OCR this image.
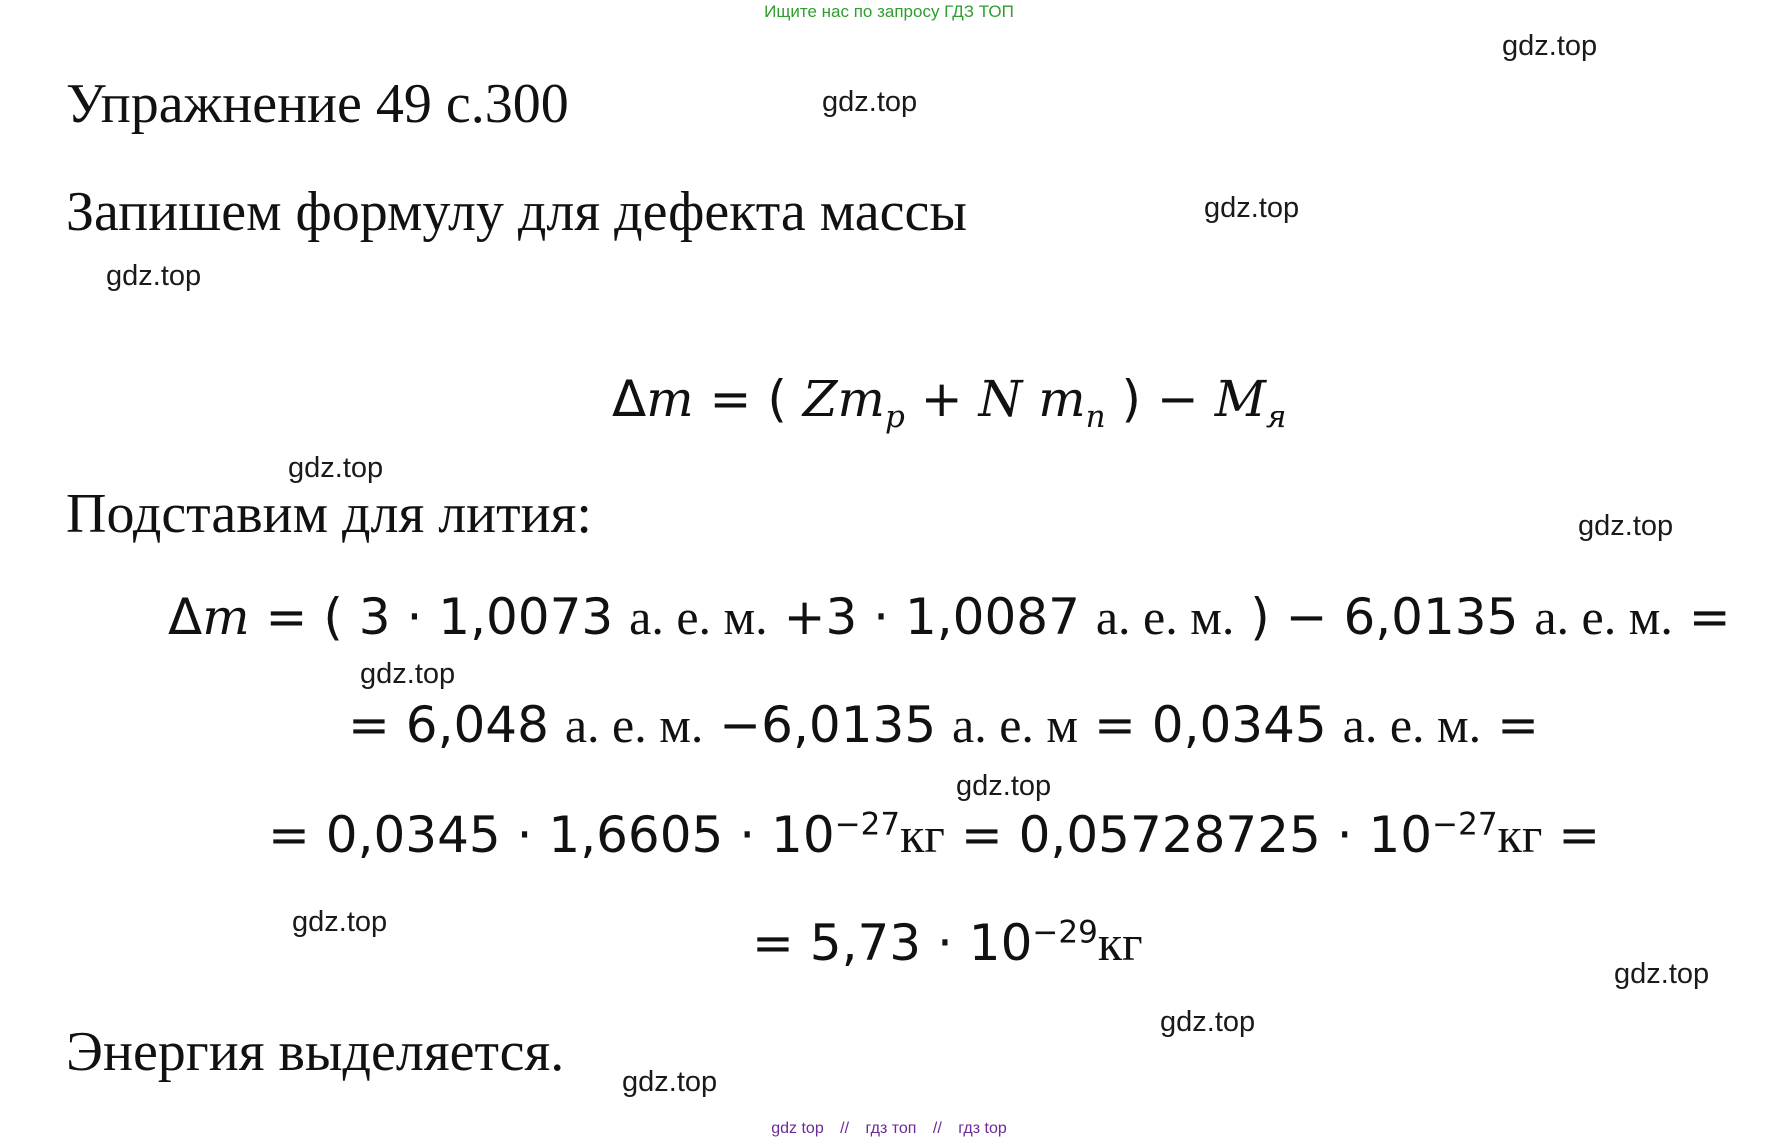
Ищите нас по запросу ГДЗ ТОП
Упражнение 49 с.300
Запишем формулу для дефекта массы
Подставим для лития:
Энергия выделяется.
Δm = ( $Zm_p + N$ $m_n$ ) − $M_я$
Δm = ( 3 · 1,0073 а. е. м. +3 · 1,0087 а. е. м. ) − 6,0135 а. е. м. =
= 6,048 а. е. м. −6,0135 а. е. м = 0,0345 а. е. м. =
= $0,0345 \cdot 1,6605 \cdot 10^{-27}кг = 0,05728725 \cdot 10^{-27}кг$ =
= $5,73 \cdot 10^{-29}кг$
gdz.top
gdz.top
gdz.top
gdz.top
gdz.top
gdz.top
gdz.top
gdz.top
gdz.top
gdz.top
gdz.top
gdz.top
gdz top // гдз топ // гдз top
